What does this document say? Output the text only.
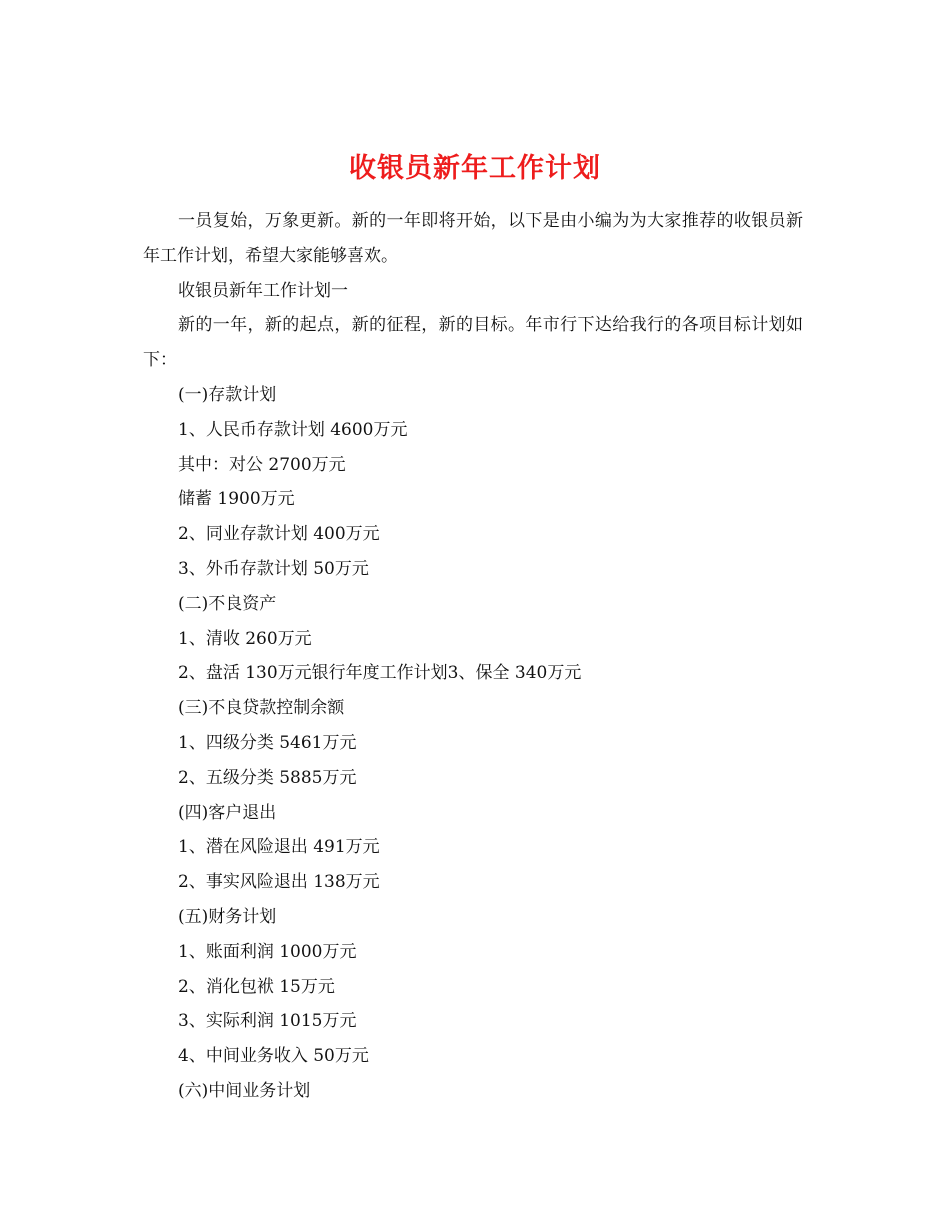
收银员新年工作计划

一员复始，万象更新。新的一年即将开始，以下是由小编为为大家推荐的收银员新年工作计划，希望大家能够喜欢。

收银员新年工作计划一

新的一年，新的起点，新的征程，新的目标。年市行下达给我行的各项目标计划如下：

(一)存款计划

1、人民币存款计划 4600万元

其中：对公 2700万元

储蓄 1900万元

2、同业存款计划 400万元

3、外币存款计划 50万元

(二)不良资产

1、清收 260万元

2、盘活 130万元银行年度工作计划3、保全 340万元

(三)不良贷款控制余额

1、四级分类 5461万元

2、五级分类 5885万元

(四)客户退出

1、潜在风险退出 491万元

2、事实风险退出 138万元

(五)财务计划

1、账面利润 1000万元

2、消化包袱 15万元

3、实际利润 1015万元

4、中间业务收入 50万元

(六)中间业务计划
